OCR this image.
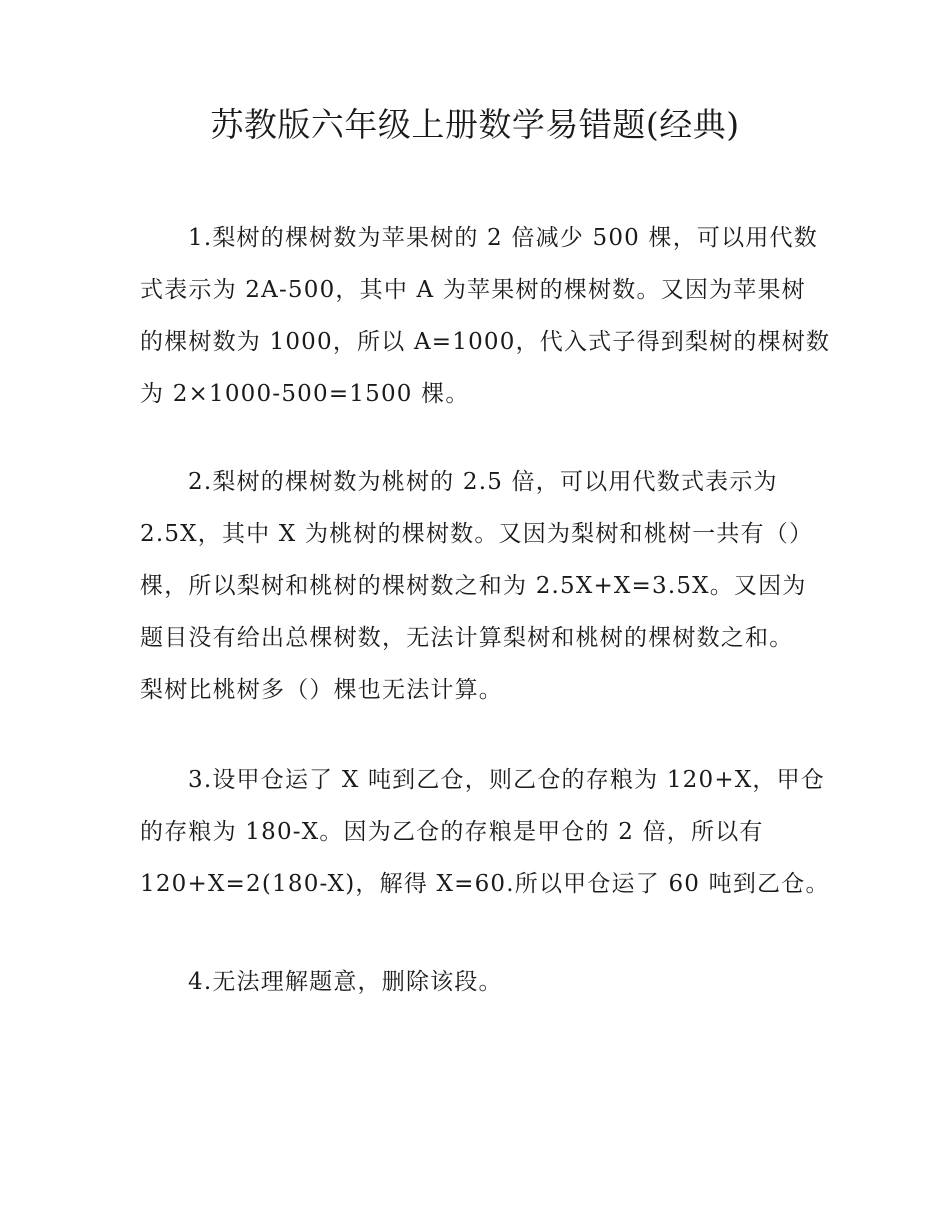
苏教版六年级上册数学易错题(经典)
1.梨树的棵树数为苹果树的 2 倍减少 500 棵，可以用代数
式表示为 2A-500，其中 A 为苹果树的棵树数。又因为苹果树
的棵树数为 1000，所以 A=1000，代入式子得到梨树的棵树数
为 2×1000-500=1500 棵。
2.梨树的棵树数为桃树的 2.5 倍，可以用代数式表示为
2.5X，其中 X 为桃树的棵树数。又因为梨树和桃树一共有（）
棵，所以梨树和桃树的棵树数之和为 2.5X+X=3.5X。又因为
题目没有给出总棵树数，无法计算梨树和桃树的棵树数之和。
梨树比桃树多（）棵也无法计算。
3.设甲仓运了 X 吨到乙仓，则乙仓的存粮为 120+X，甲仓
的存粮为 180-X。因为乙仓的存粮是甲仓的 2 倍，所以有
120+X=2(180-X)，解得 X=60.所以甲仓运了 60 吨到乙仓。
4.无法理解题意，删除该段。
